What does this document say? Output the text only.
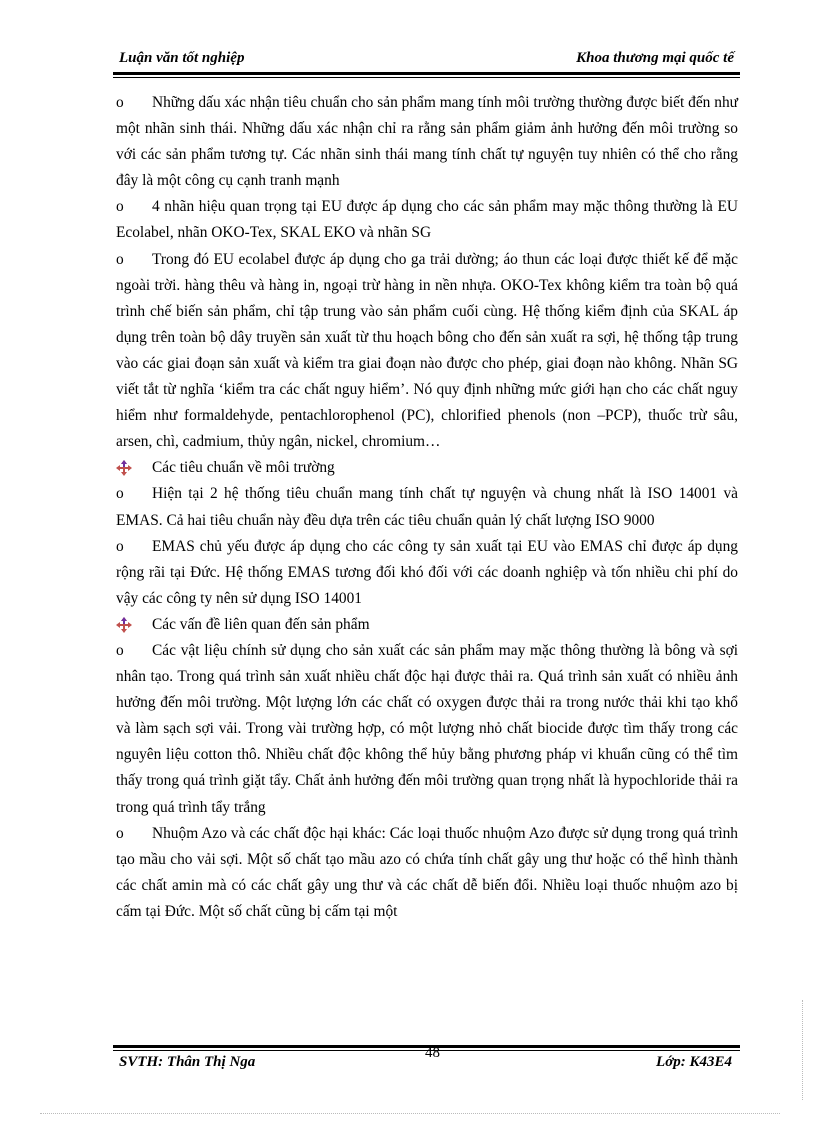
Luận văn tốt nghiệp	Khoa thương mại quốc tế

o Những dấu xác nhận tiêu chuẩn cho sản phẩm mang tính môi trường thường được biết đến như một nhãn sinh thái. Những dấu xác nhận chỉ ra rằng sản phẩm giảm ảnh hưởng đến môi trường so với các sản phẩm tương tự. Các nhãn sinh thái mang tính chất tự nguyện tuy nhiên có thể cho rằng đây là một công cụ cạnh tranh mạnh

o 4 nhãn hiệu quan trọng tại EU được áp dụng cho các sản phẩm may mặc thông thường là EU Ecolabel, nhãn OKO-Tex, SKAL EKO và nhãn SG

o Trong đó EU ecolabel được áp dụng cho ga trải dường; áo thun các loại được thiết kế để mặc ngoài trời. hàng thêu và hàng in, ngoại trừ hàng in nền nhựa. OKO-Tex không kiểm tra toàn bộ quá trình chế biến sản phẩm, chỉ tập trung vào sản phẩm cuối cùng. Hệ thống kiểm định của SKAL áp dụng trên toàn bộ dây truyền sản xuất từ thu hoạch bông cho đến sản xuất ra sợi, hệ thống tập trung vào các giai đoạn sản xuất và kiểm tra giai đoạn nào được cho phép, giai đoạn nào không. Nhãn SG viết tắt từ nghĩa ‘kiểm tra các chất nguy hiểm’. Nó quy định những mức giới hạn cho các chất nguy hiểm như formaldehyde, pentachlorophenol (PC), chlorified phenols (non –PCP), thuốc trừ sâu, arsen, chì, cadmium, thủy ngân, nickel, chromium…

Các tiêu chuẩn về môi trường

o Hiện tại 2 hệ thống tiêu chuẩn mang tính chất tự nguyện và chung nhất là ISO 14001 và EMAS. Cả hai tiêu chuẩn này đều dựa trên các tiêu chuẩn quản lý chất lượng ISO 9000

o EMAS chủ yếu được áp dụng cho các công ty sản xuất tại EU vào EMAS chỉ được áp dụng rộng rãi tại Đức. Hệ thống EMAS tương đối khó đối với các doanh nghiệp và tốn nhiều chi phí do vậy các công ty nên sử dụng ISO 14001

Các vấn đề liên quan đến sản phẩm

o Các vật liệu chính sử dụng cho sản xuất các sản phẩm may mặc thông thường là bông và sợi nhân tạo. Trong quá trình sản xuất nhiều chất độc hại được thải ra. Quá trình sản xuất có nhiều ảnh hưởng đến môi trường. Một lượng lớn các chất có oxygen được thải ra trong nước thải khi tạo khổ và làm sạch sợi vải. Trong vài trường hợp, có một lượng nhỏ chất biocide được tìm thấy trong các nguyên liệu cotton thô. Nhiều chất độc không thể hủy bằng phương pháp vi khuẩn cũng có thể tìm thấy trong quá trình giặt tẩy. Chất ảnh hưởng đến môi trường quan trọng nhất là hypochloride thải ra trong quá trình tẩy trắng

o Nhuộm Azo và các chất độc hại khác: Các loại thuốc nhuộm Azo được sử dụng trong quá trình tạo mầu cho vải sợi. Một số chất tạo mầu azo có chứa tính chất gây ung thư hoặc có thể hình thành các chất amin mà có các chất gây ung thư và các chất dễ biến đổi. Nhiều loại thuốc nhuộm azo bị cấm tại Đức. Một số chất cũng bị cấm tại một

48
SVTH: Thân Thị Nga	Lớp: K43E4
